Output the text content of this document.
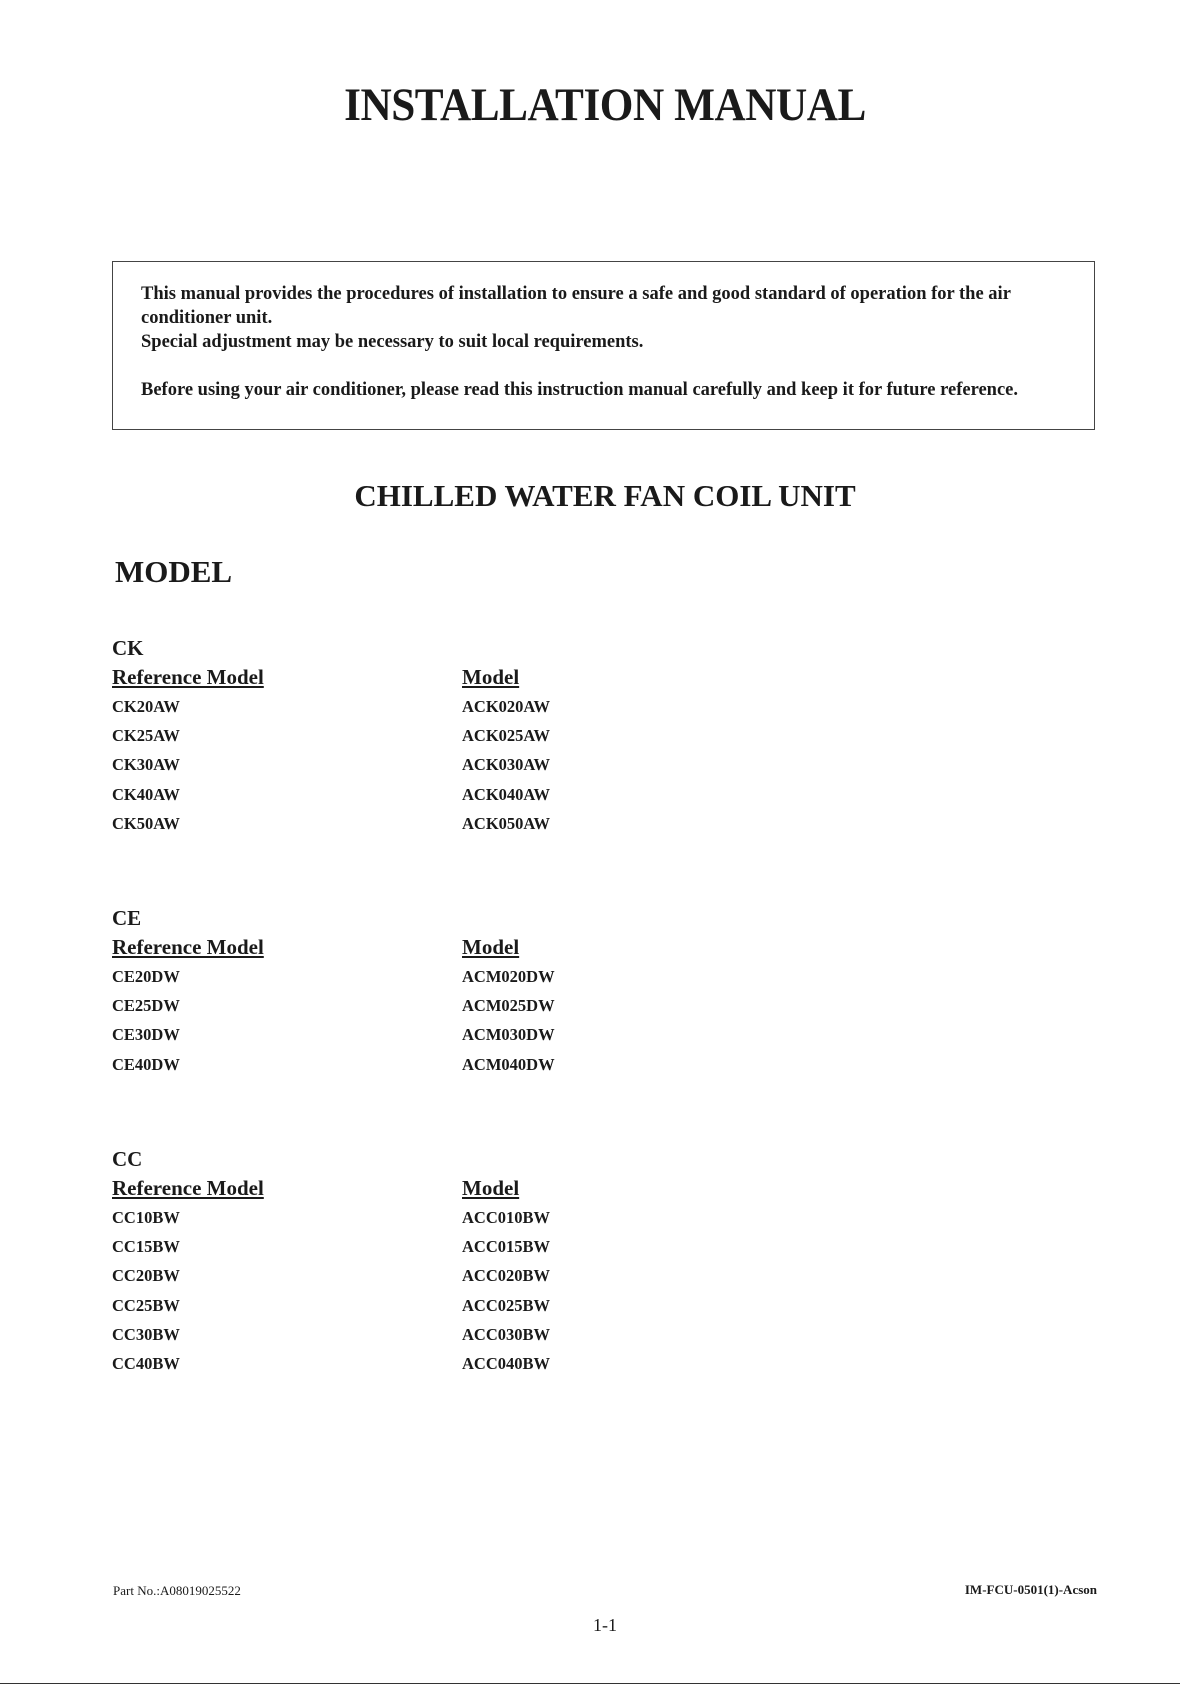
INSTALLATION MANUAL

This manual provides the procedures of installation to ensure a safe and good standard of operation for the air conditioner unit.

Special adjustment may be necessary to suit local requirements.

Before using your air conditioner, please read this instruction manual carefully and keep it for future reference.

CHILLED WATER FAN COIL UNIT
MODEL
CK
Reference Model
CK20AW
CK25AW
CK30AW
CK40AW
CK50AW
Model
ACK020AW
ACK025AW
ACK030AW
ACK040AW
ACK050AW
CE
Reference Model
CE20DW
CE25DW
CE30DW
CE40DW
Model
ACM020DW
ACM025DW
ACM030DW
ACM040DW
CC
Reference Model
CC10BW
CC15BW
CC20BW
CC25BW
CC30BW
CC40BW
Model
ACC010BW
ACC015BW
ACC020BW
ACC025BW
ACC030BW
ACC040BW
Part No.:A08019025522	IM-FCU-0501(1)-Acson
1-1
